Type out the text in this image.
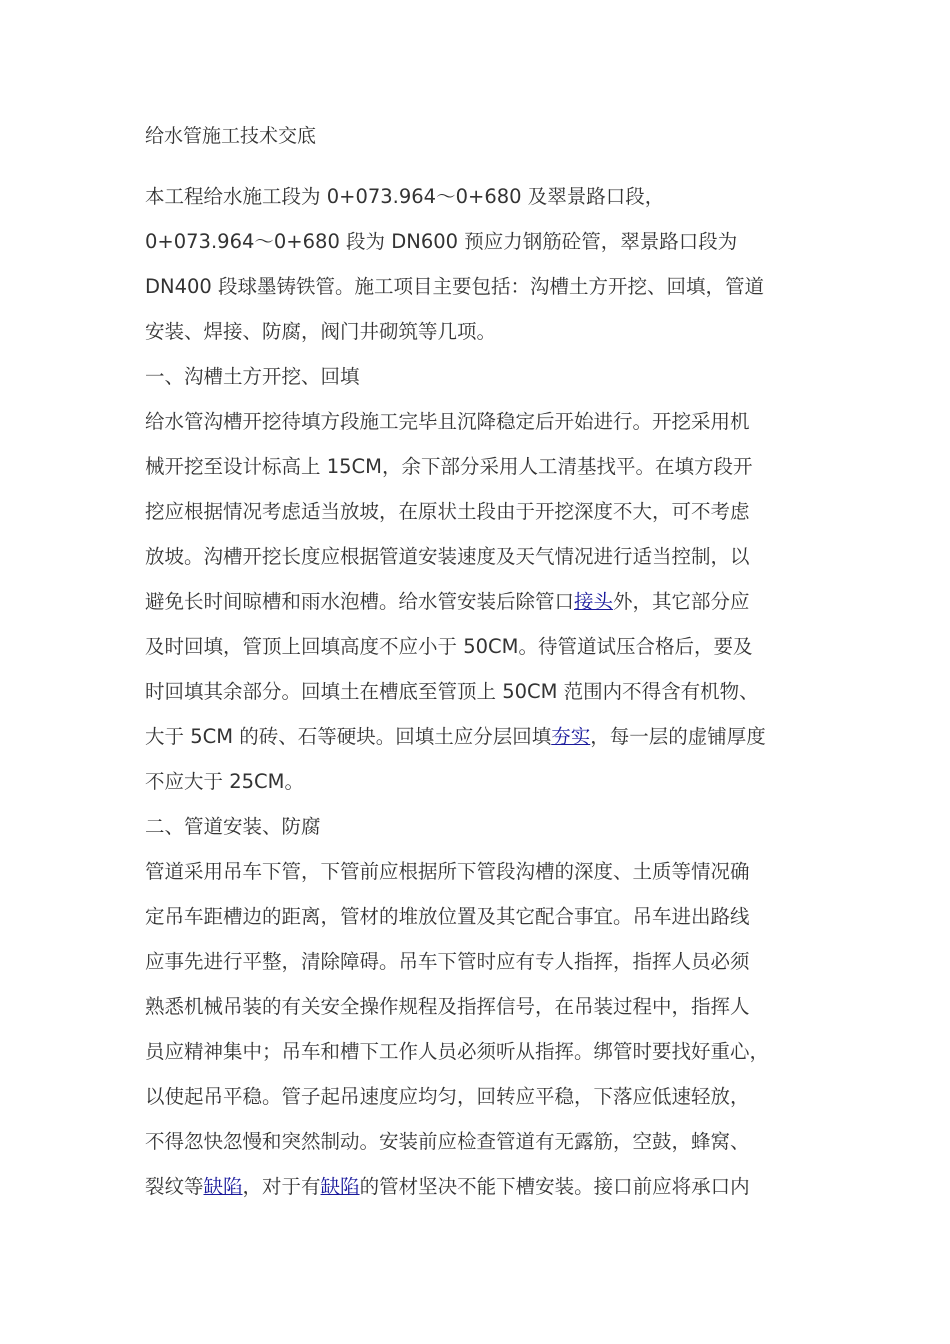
给水管施工技术交底
本工程给水施工段为 0+073.964～0+680 及翠景路口段，
0+073.964～0+680 段为 DN600 预应力钢筋砼管，翠景路口段为
DN400 段球墨铸铁管。施工项目主要包括：沟槽土方开挖、回填，管道
安装、焊接、防腐，阀门井砌筑等几项。
一、沟槽土方开挖、回填
给水管沟槽开挖待填方段施工完毕且沉降稳定后开始进行。开挖采用机
械开挖至设计标高上 15CM，余下部分采用人工清基找平。在填方段开
挖应根据情况考虑适当放坡，在原状土段由于开挖深度不大，可不考虑
放坡。沟槽开挖长度应根据管道安装速度及天气情况进行适当控制，以
避免长时间晾槽和雨水泡槽。给水管安装后除管口接头外，其它部分应
及时回填，管顶上回填高度不应小于 50CM。待管道试压合格后，要及
时回填其余部分。回填土在槽底至管顶上 50CM 范围内不得含有机物、
大于 5CM 的砖、石等硬块。回填土应分层回填夯实，每一层的虚铺厚度
不应大于 25CM。
二、管道安装、防腐
管道采用吊车下管，下管前应根据所下管段沟槽的深度、土质等情况确
定吊车距槽边的距离，管材的堆放位置及其它配合事宜。吊车进出路线
应事先进行平整，清除障碍。吊车下管时应有专人指挥，指挥人员必须
熟悉机械吊装的有关安全操作规程及指挥信号，在吊装过程中，指挥人
员应精神集中；吊车和槽下工作人员必须听从指挥。绑管时要找好重心，
以使起吊平稳。管子起吊速度应均匀，回转应平稳，下落应低速轻放，
不得忽快忽慢和突然制动。安装前应检查管道有无露筋，空鼓，蜂窝、
裂纹等缺陷，对于有缺陷的管材坚决不能下槽安装。接口前应将承口内
